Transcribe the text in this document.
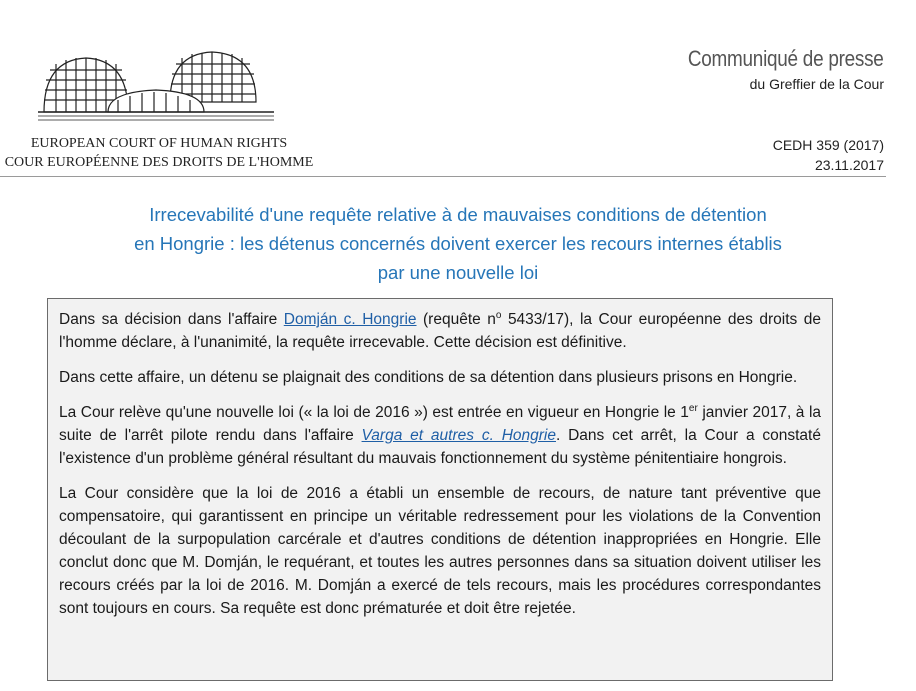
EUROPEAN COURT OF HUMAN RIGHTS
COUR EUROPÉENNE DES DROITS DE L'HOMME
Communiqué de presse
du Greffier de la Cour
CEDH 359 (2017)
23.11.2017
Irrecevabilité d'une requête relative à de mauvaises conditions de détention
en Hongrie : les détenus concernés doivent exercer les recours internes établis
par une nouvelle loi

Dans sa décision dans l'affaire Domján c. Hongrie (requête $n^o$ 5433/17), la Cour européenne des droits de l'homme déclare, à l'unanimité, la requête irrecevable. Cette décision est définitive.

Dans cette affaire, un détenu se plaignait des conditions de sa détention dans plusieurs prisons en Hongrie.

La Cour relève qu'une nouvelle loi (« la loi de 2016 ») est entrée en vigueur en Hongrie le 1er janvier 2017, à la suite de l'arrêt pilote rendu dans l'affaire Varga et autres c. Hongrie. Dans cet arrêt, la Cour a constaté l'existence d'un problème général résultant du mauvais fonctionnement du système pénitentiaire hongrois.

La Cour considère que la loi de 2016 a établi un ensemble de recours, de nature tant préventive que compensatoire, qui garantissent en principe un véritable redressement pour les violations de la Convention découlant de la surpopulation carcérale et d'autres conditions de détention inappropriées en Hongrie. Elle conclut donc que M. Domján, le requérant, et toutes les autres personnes dans sa situation doivent utiliser les recours créés par la loi de 2016. M. Domján a exercé de tels recours, mais les procédures correspondantes sont toujours en cours. Sa requête est donc prématurée et doit être rejetée.
